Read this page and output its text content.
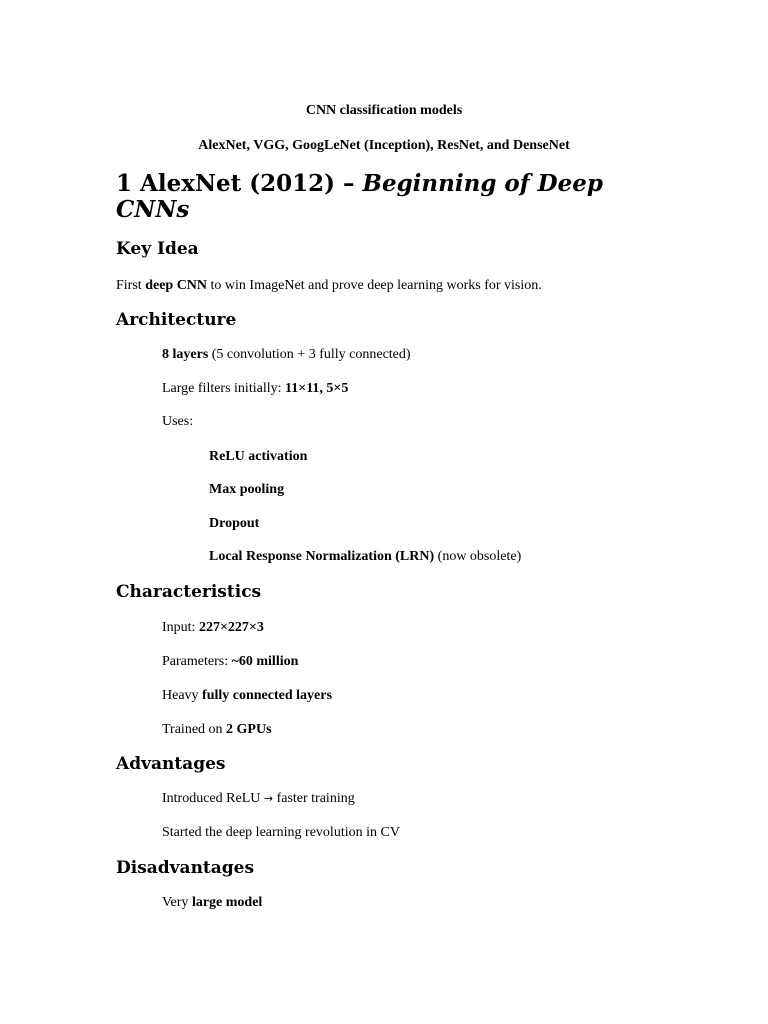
CNN classification models
AlexNet, VGG, GoogLeNet (Inception), ResNet, and DenseNet
1 AlexNet (2012) – Beginning of Deep CNNs
Key Idea
First deep CNN to win ImageNet and prove deep learning works for vision.
Architecture
8 layers (5 convolution + 3 fully connected)
Large filters initially: 11×11, 5×5
Uses:
ReLU activation
Max pooling
Dropout
Local Response Normalization (LRN) (now obsolete)
Characteristics
Input: 227×227×3
Parameters: ~60 million
Heavy fully connected layers
Trained on 2 GPUs
Advantages
Introduced ReLU → faster training
Started the deep learning revolution in CV
Disadvantages
Very large model
